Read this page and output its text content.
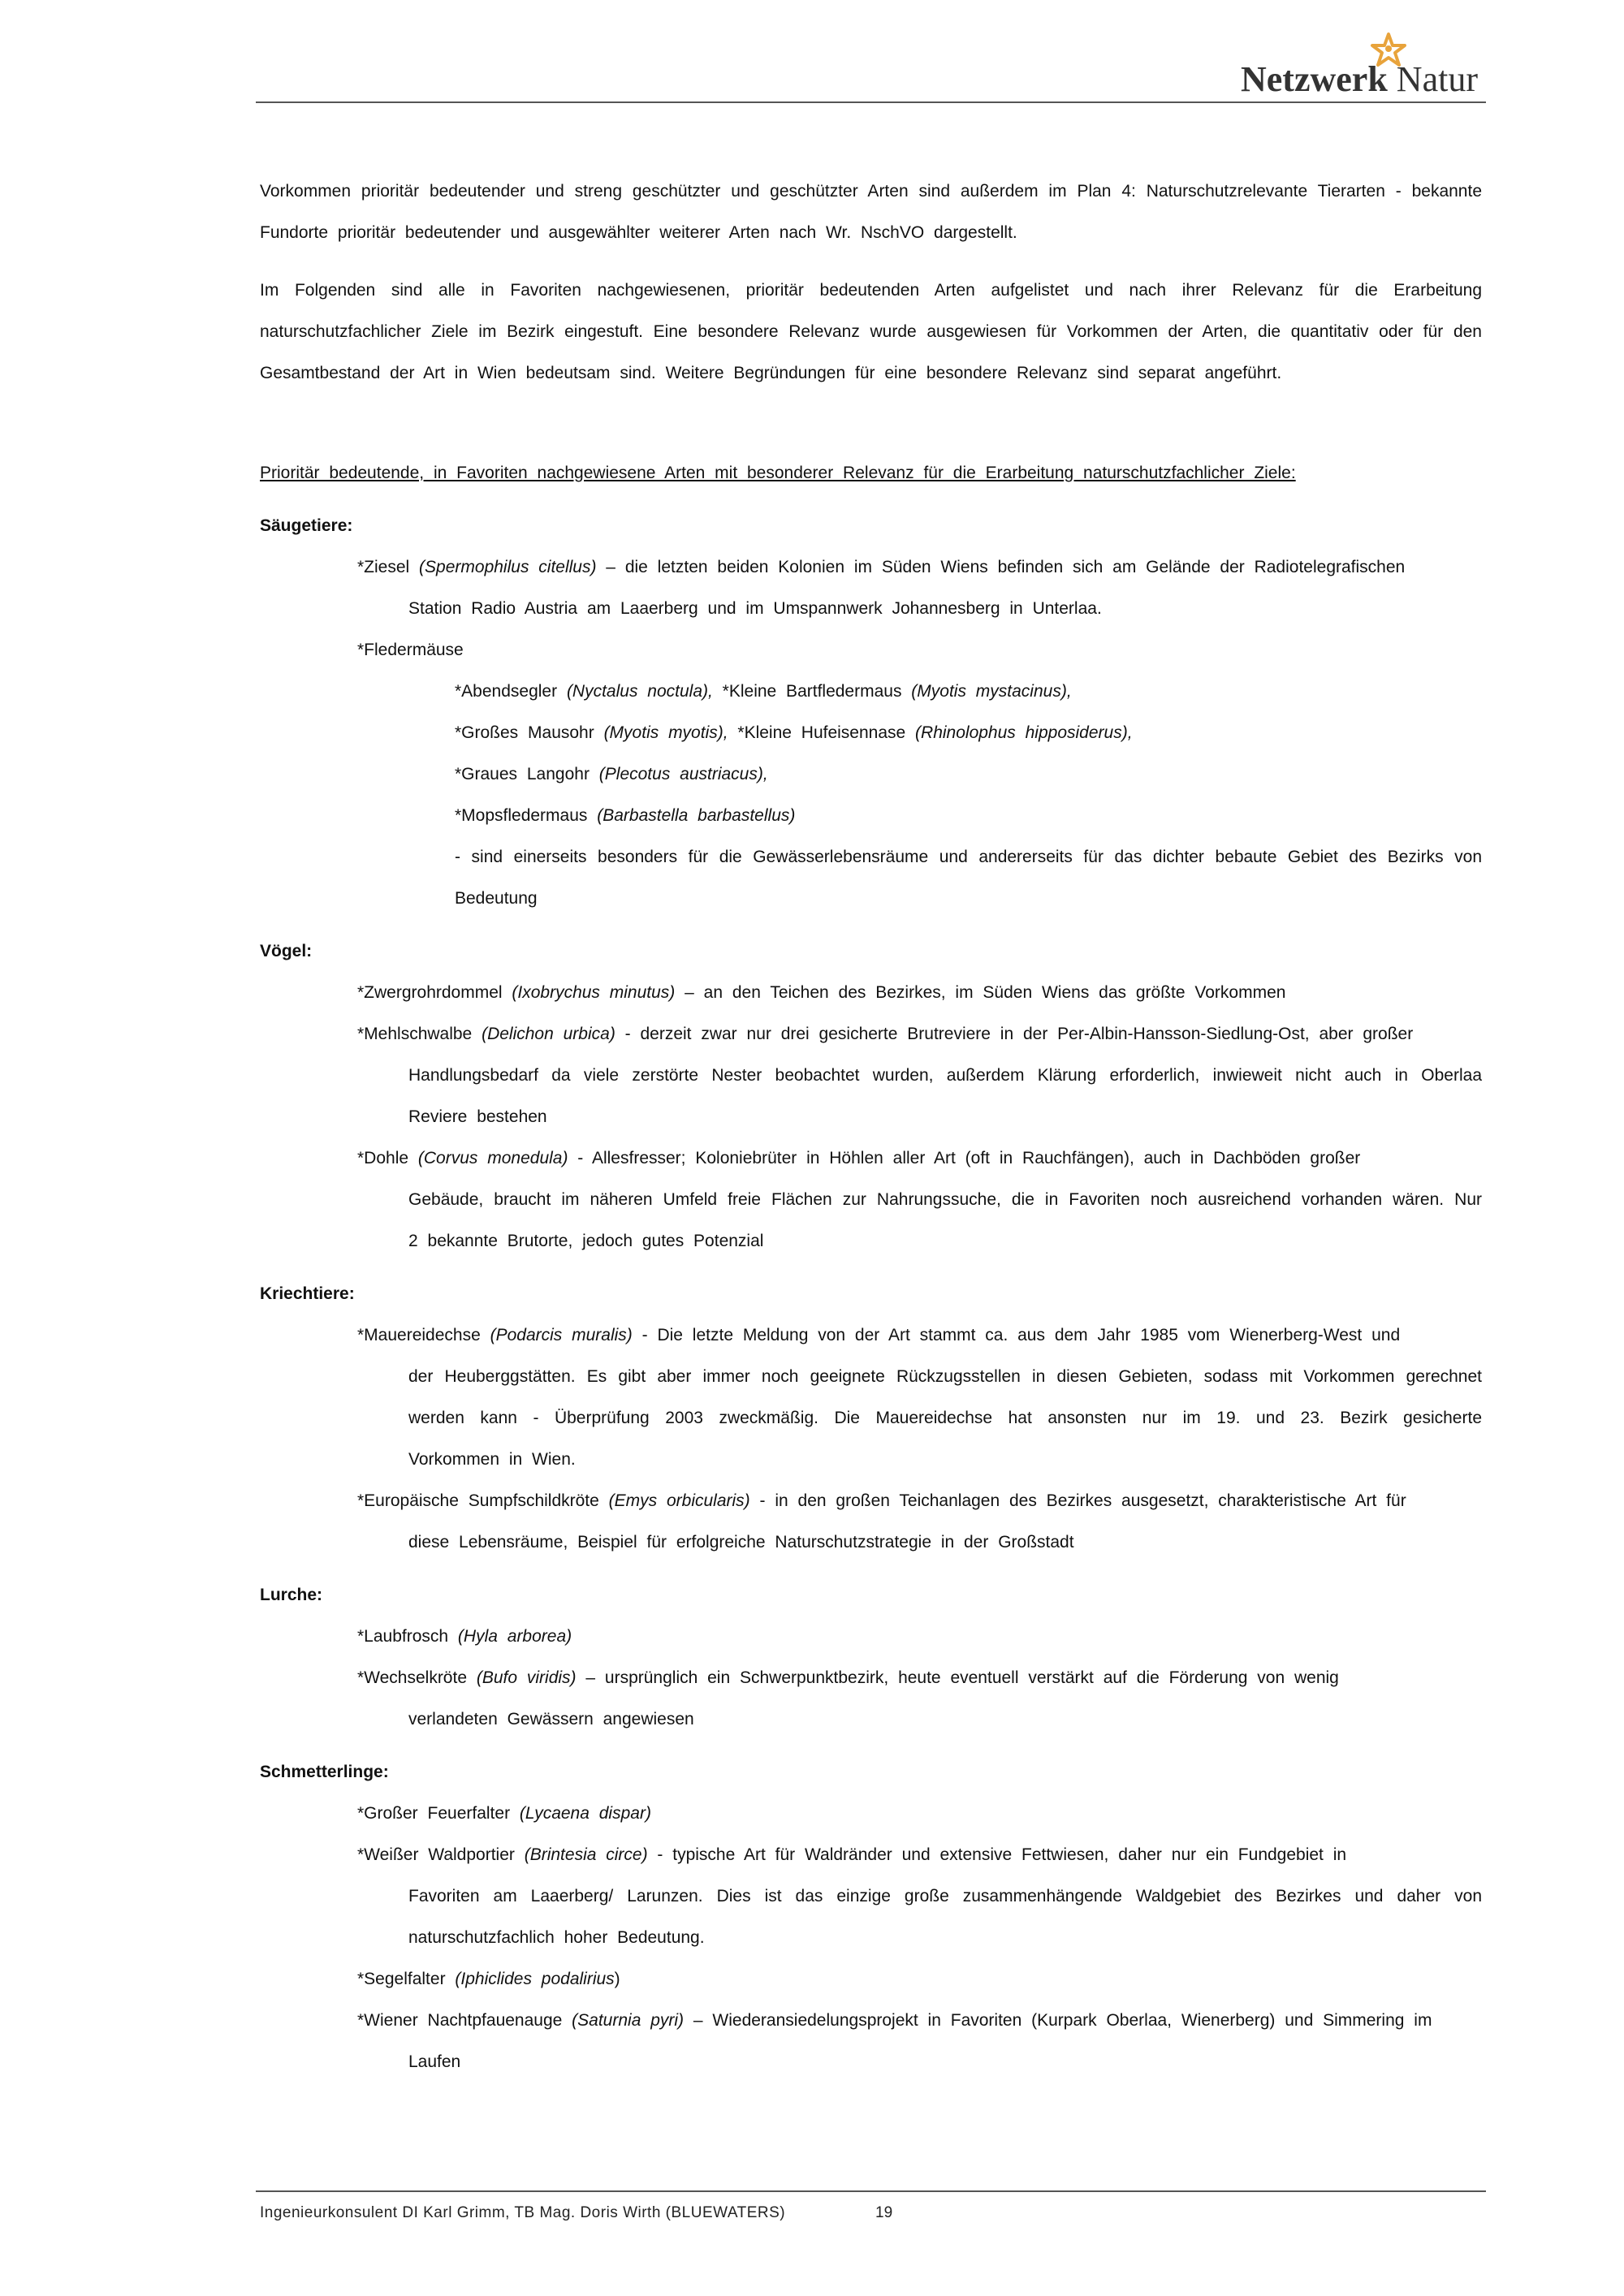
Netzwerk Natur
Vorkommen prioritär bedeutender und streng geschützter und geschützter Arten sind außerdem im Plan 4: Naturschutzrelevante Tierarten - bekannte Fundorte prioritär bedeutender und ausgewählter weiterer Arten nach Wr. NschVO dargestellt.
Im Folgenden sind alle in Favoriten nachgewiesenen, prioritär bedeutenden Arten aufgelistet und nach ihrer Relevanz für die Erarbeitung naturschutzfachlicher Ziele im Bezirk eingestuft. Eine besondere Relevanz wurde ausgewiesen für Vorkommen der Arten, die quantitativ oder für den Gesamtbestand der Art in Wien bedeutsam sind. Weitere Begründungen für eine besondere Relevanz sind separat angeführt.
Prioritär bedeutende, in Favoriten nachgewiesene Arten mit besonderer Relevanz für die Erarbeitung naturschutzfachlicher Ziele:
Säugetiere:
*Ziesel (Spermophilus citellus) – die letzten beiden Kolonien im Süden Wiens befinden sich am Gelände der Radiotelegrafischen
Station Radio Austria am Laaerberg und im Umspannwerk Johannesberg in Unterlaa.
*Fledermäuse
*Abendsegler (Nyctalus noctula), *Kleine Bartfledermaus (Myotis mystacinus),
*Großes Mausohr (Myotis myotis), *Kleine Hufeisennase (Rhinolophus hipposiderus),
*Graues Langohr (Plecotus austriacus),
*Mopsfledermaus (Barbastella barbastellus)
- sind einerseits besonders für die Gewässerlebensräume und andererseits für das dichter bebaute Gebiet des Bezirks von Bedeutung
Vögel:
*Zwergrohrdommel (Ixobrychus minutus) – an den Teichen des Bezirkes, im Süden Wiens das größte Vorkommen
*Mehlschwalbe (Delichon urbica) - derzeit zwar nur drei gesicherte Brutreviere in der Per-Albin-Hansson-Siedlung-Ost, aber großer
Handlungsbedarf da viele zerstörte Nester beobachtet wurden, außerdem Klärung erforderlich, inwieweit nicht auch in Oberlaa Reviere bestehen
*Dohle (Corvus monedula) - Allesfresser; Koloniebrüter in Höhlen aller Art (oft in Rauchfängen), auch in Dachböden großer
Gebäude, braucht im näheren Umfeld freie Flächen zur Nahrungssuche, die in Favoriten noch ausreichend vorhanden wären. Nur 2 bekannte Brutorte, jedoch gutes Potenzial
Kriechtiere:
*Mauereidechse (Podarcis muralis) - Die letzte Meldung von der Art stammt ca. aus dem Jahr 1985 vom Wienerberg-West und
der Heuberggstätten. Es gibt aber immer noch geeignete Rückzugsstellen in diesen Gebieten, sodass mit Vorkommen gerechnet werden kann - Überprüfung 2003 zweckmäßig. Die Mauereidechse hat ansonsten nur im 19. und 23. Bezirk gesicherte Vorkommen in Wien.
*Europäische Sumpfschildkröte (Emys orbicularis) - in den großen Teichanlagen des Bezirkes ausgesetzt, charakteristische Art für
diese Lebensräume, Beispiel für erfolgreiche Naturschutzstrategie in der Großstadt
Lurche:
*Laubfrosch (Hyla arborea)
*Wechselkröte (Bufo viridis) – ursprünglich ein Schwerpunktbezirk, heute eventuell verstärkt auf die Förderung von wenig
verlandeten Gewässern angewiesen
Schmetterlinge:
*Großer Feuerfalter (Lycaena dispar)
*Weißer Waldportier (Brintesia circe) - typische Art für Waldränder und extensive Fettwiesen, daher nur ein Fundgebiet in
Favoriten am Laaerberg/ Larunzen. Dies ist das einzige große zusammenhängende Waldgebiet des Bezirkes und daher von naturschutzfachlich hoher Bedeutung.
*Segelfalter (Iphiclides podalirius)
*Wiener Nachtpfauenauge (Saturnia pyri) – Wiederansiedelungsprojekt in Favoriten (Kurpark Oberlaa, Wienerberg) und Simmering im
Laufen
Ingenieurkonsulent DI Karl Grimm, TB Mag. Doris Wirth (BLUEWATERS)	19
